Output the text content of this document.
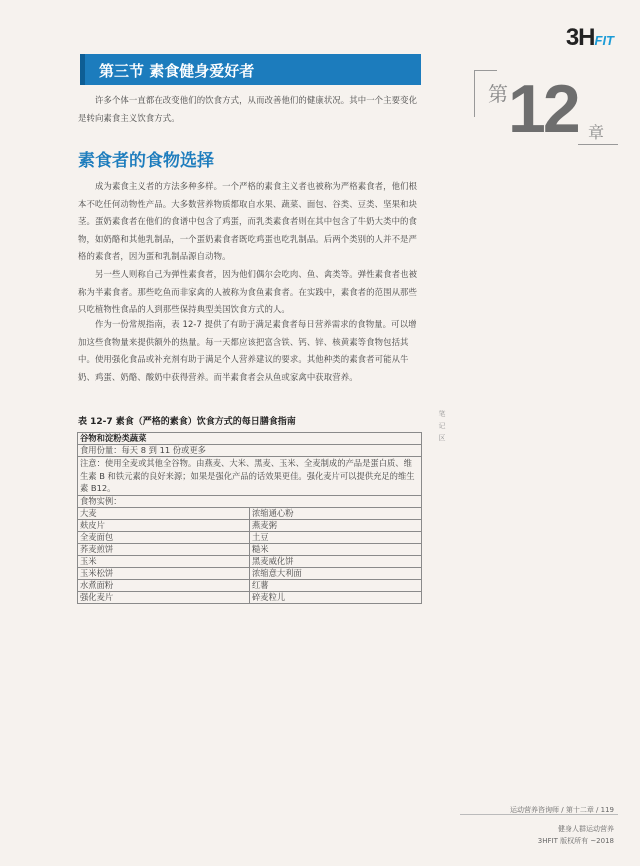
3HFIT
第三节 素食健身爱好者
第 12 章

许多个体一直都在改变他们的饮食方式，从而改善他们的健康状况。其中一个主要变化是转向素食主义饮食方式。

素食者的食物选择

成为素食主义者的方法多种多样。一个严格的素食主义者也被称为严格素食者，他们根本不吃任何动物性产品。大多数营养物质都取自水果、蔬菜、面包、谷类、豆类、坚果和块茎。蛋奶素食者在他们的食谱中包含了鸡蛋，而乳类素食者则在其中包含了牛奶大类中的食物，如奶酪和其他乳制品，一个蛋奶素食者既吃鸡蛋也吃乳制品。后两个类别的人并不是严格的素食者，因为蛋和乳制品源自动物。

另一些人则称自己为弹性素食者，因为他们偶尔会吃肉、鱼、禽类等。弹性素食者也被称为半素食者。那些吃鱼而非家禽的人被称为食鱼素食者。在实践中，素食者的范围从那些只吃植物性食品的人到那些保持典型美国饮食方式的人。

作为一份常规指南，表 12-7 提供了有助于满足素食者每日营养需求的食物量。可以增加这些食物量来提供额外的热量。每一天都应该把富含铁、钙、锌、核黄素等食物包括其中。使用强化食品或补充剂有助于满足个人营养建议的要求。其他种类的素食者可能从牛奶、鸡蛋、奶酪、酸奶中获得营养。而半素食者会从鱼或家禽中获取营养。

表 12-7 素食（严格的素食）饮食方式的每日膳食指南
笔记区
谷物和淀粉类蔬菜	
食用份量：每天 8 到 11 份或更多	
注意：使用全麦或其他全谷物。由燕麦、大米、黑麦、玉米、全麦制成的产品是蛋白质、维生素 B 和铁元素的良好来源；如果是强化产品的话效果更佳。强化麦片可以提供充足的维生素 B12。	
食物实例：	
大麦	浓缩通心粉
麸皮片	燕麦粥
全麦面包	土豆
荞麦煎饼	糙米
玉米	黑麦威化饼
玉米松饼	浓缩意大利面
水煮面粉	红薯
强化麦片	碎麦粒儿
运动营养咨询师 / 第十二章 / 119
健身人群运动营养
3HFIT 版权所有 ~2018
